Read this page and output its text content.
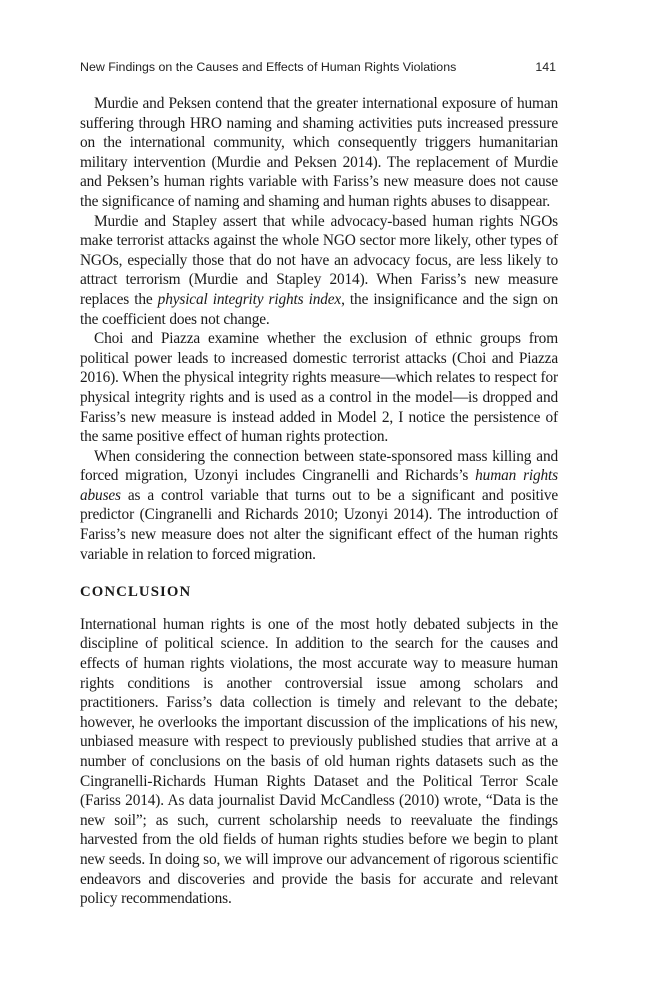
New Findings on the Causes and Effects of Human Rights Violations	141

Murdie and Peksen contend that the greater international exposure of human suffering through HRO naming and shaming activities puts increased pressure on the international community, which consequently triggers humanitarian military intervention (Murdie and Peksen 2014). The replacement of Murdie and Peksen’s human rights variable with Fariss’s new measure does not cause the significance of naming and shaming and human rights abuses to disappear.

Murdie and Stapley assert that while advocacy-based human rights NGOs make terrorist attacks against the whole NGO sector more likely, other types of NGOs, especially those that do not have an advocacy focus, are less likely to attract terrorism (Murdie and Stapley 2014). When Fariss’s new measure replaces the physical integrity rights index, the insignificance and the sign on the coefficient does not change.

Choi and Piazza examine whether the exclusion of ethnic groups from political power leads to increased domestic terrorist attacks (Choi and Piazza 2016). When the physical integrity rights measure—which relates to respect for physical integrity rights and is used as a control in the model—is dropped and Fariss’s new measure is instead added in Model 2, I notice the persistence of the same positive effect of human rights protection.

When considering the connection between state-sponsored mass killing and forced migration, Uzonyi includes Cingranelli and Richards’s human rights abuses as a control variable that turns out to be a significant and positive predictor (Cingranelli and Richards 2010; Uzonyi 2014). The introduction of Fariss’s new measure does not alter the significant effect of the human rights variable in relation to forced migration.

CONCLUSION

International human rights is one of the most hotly debated subjects in the discipline of political science. In addition to the search for the causes and effects of human rights violations, the most accurate way to measure human rights conditions is another controversial issue among scholars and practitioners. Fariss’s data collection is timely and relevant to the debate; however, he overlooks the important discussion of the implications of his new, unbiased measure with respect to previously published studies that arrive at a number of conclusions on the basis of old human rights datasets such as the Cingranelli-Richards Human Rights Dataset and the Political Terror Scale (Fariss 2014). As data journalist David McCandless (2010) wrote, “Data is the new soil”; as such, current scholarship needs to reevaluate the findings harvested from the old fields of human rights studies before we begin to plant new seeds. In doing so, we will improve our advancement of rigorous scientific endeavors and discoveries and provide the basis for accurate and relevant policy recommendations.
